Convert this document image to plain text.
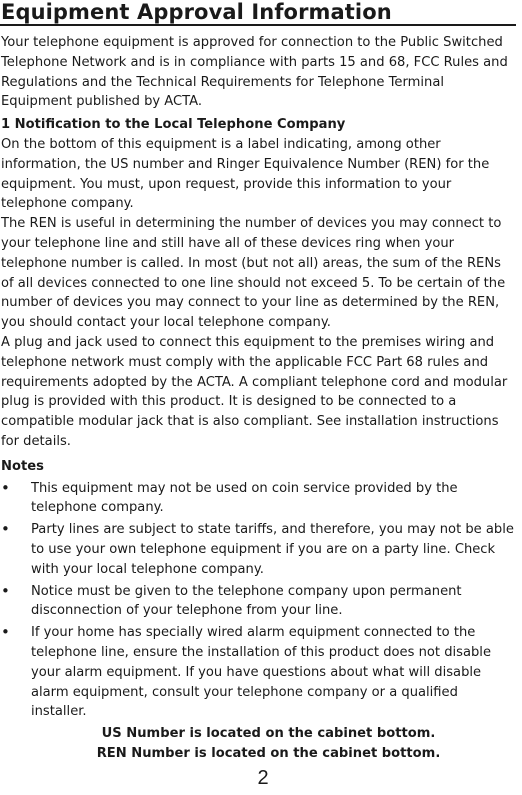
Equipment Approval Information

Your telephone equipment is approved for connection to the Public Switched Telephone Network and is in compliance with parts 15 and 68, FCC Rules and Regulations and the Technical Requirements for Telephone Terminal Equipment published by ACTA.

1 Notification to the Local Telephone Company

On the bottom of this equipment is a label indicating, among other information, the US number and Ringer Equivalence Number (REN) for the equipment. You must, upon request, provide this information to your telephone company.

The REN is useful in determining the number of devices you may connect to your telephone line and still have all of these devices ring when your telephone number is called. In most (but not all) areas, the sum of the RENs of all devices connected to one line should not exceed 5. To be certain of the number of devices you may connect to your line as determined by the REN, you should contact your local telephone company.

A plug and jack used to connect this equipment to the premises wiring and telephone network must comply with the applicable FCC Part 68 rules and requirements adopted by the ACTA. A compliant telephone cord and modular plug is provided with this product. It is designed to be connected to a compatible modular jack that is also compliant. See installation instructions for details.

Notes

• This equipment may not be used on coin service provided by the telephone company.
• Party lines are subject to state tariffs, and therefore, you may not be able to use your own telephone equipment if you are on a party line. Check with your local telephone company.
• Notice must be given to the telephone company upon permanent disconnection of your telephone from your line.
• If your home has specially wired alarm equipment connected to the telephone line, ensure the installation of this product does not disable your alarm equipment. If you have questions about what will disable alarm equipment, consult your telephone company or a qualified installer.

US Number is located on the cabinet bottom.

REN Number is located on the cabinet bottom.

2
